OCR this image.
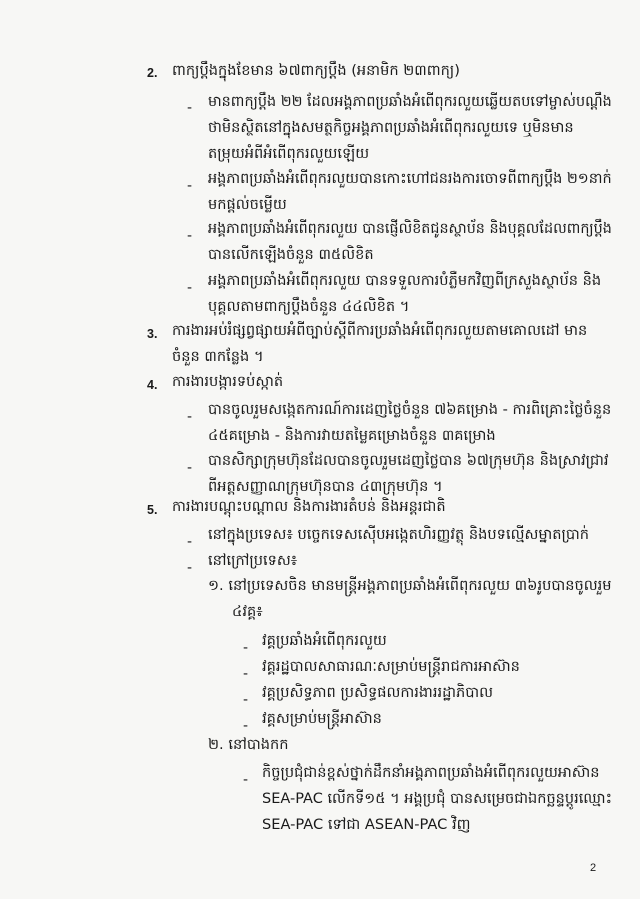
2. ពាក្យប្តឹងក្នុងខែមាន ៦៧ពាក្យប្តឹង (អនាមិក ២៣ពាក្យ)
- មានពាក្យប្តឹង ២២ ដែលអង្គភាពប្រឆាំងអំពើពុករលួយឆ្លើយតបទៅម្ចាស់បណ្តឹង
ថាមិនស្ថិតនៅក្នុងសមត្ថកិច្ចអង្គភាពប្រឆាំងអំពើពុករលួយទេ ឬមិនមាន
តម្រុយអំពីអំពើពុករលួយឡើយ
- អង្គភាពប្រឆាំងអំពើពុករលួយបានកោះហៅជនរងការចោទពីពាក្យប្តឹង ២១នាក់
មកផ្តល់ចម្លើយ
- អង្គភាពប្រឆាំងអំពើពុករលួយ បានផ្ញើលិខិតជូនស្ថាប័ន និងបុគ្គលដែលពាក្យប្តឹង
បានលើកឡើងចំនួន ៣៥លិខិត
- អង្គភាពប្រឆាំងអំពើពុករលួយ បានទទួលការបំភ្លឺមកវិញពីក្រសួងស្ថាប័ន និង
បុគ្គលតាមពាក្យប្តឹងចំនួន ៤៤លិខិត ។
3. ការងារអប់រំផ្សព្វផ្សាយអំពីច្បាប់ស្តីពីការប្រឆាំងអំពើពុករលួយតាមគោលដៅ មាន
ចំនួន ៣កន្លែង ។
4. ការងារបង្ការទប់ស្កាត់
- បានចូលរួមសង្កេតការណ៍ការដេញថ្លៃចំនួន ៧៦គម្រោង - ការពិគ្រោះថ្លៃចំនួន
៤៥គម្រោង - និងការវាយតម្លៃគម្រោងចំនួន ៣គម្រោង
- បានសិក្សាក្រុមហ៊ុនដែលបានចូលរួមដេញថ្លៃបាន ៦៧ក្រុមហ៊ុន និងស្រាវជ្រាវ
ពីអត្តសញ្ញាណក្រុមហ៊ុនបាន ៤៣ក្រុមហ៊ុន ។
5. ការងារបណ្តុះបណ្តាល និងការងារតំបន់ និងអន្តរជាតិ
- នៅក្នុងប្រទេស៖ បច្ចេកទេសស៊ើបអង្កេតហិរញ្ញវត្ថុ និងបទល្មើសម្នាតប្រាក់
- នៅក្រៅប្រទេស៖
១. នៅប្រទេសចិន មានមន្ត្រីអង្គភាពប្រឆាំងអំពើពុករលួយ ៣៦រូបបានចូលរួម
៤វគ្គ៖
- វគ្គប្រឆាំងអំពើពុករលួយ
- វគ្គរដ្ឋបាលសាធារណៈសម្រាប់មន្ត្រីរាជការអាស៊ាន
- វគ្គប្រសិទ្ធភាព ប្រសិទ្ធផលការងាររដ្ឋាភិបាល
- វគ្គសម្រាប់មន្ត្រីអាស៊ាន
២. នៅបាងកក
- កិច្ចប្រជុំជាន់ខ្ពស់ថ្នាក់ដឹកនាំអង្គភាពប្រឆាំងអំពើពុករលួយអាស៊ាន
SEA-PAC លើកទី១៥ ។ អង្គប្រជុំ បានសម្រេចជាឯកច្ឆន្ទប្តូរឈ្មោះ
SEA-PAC ទៅជា ASEAN-PAC វិញ
2
